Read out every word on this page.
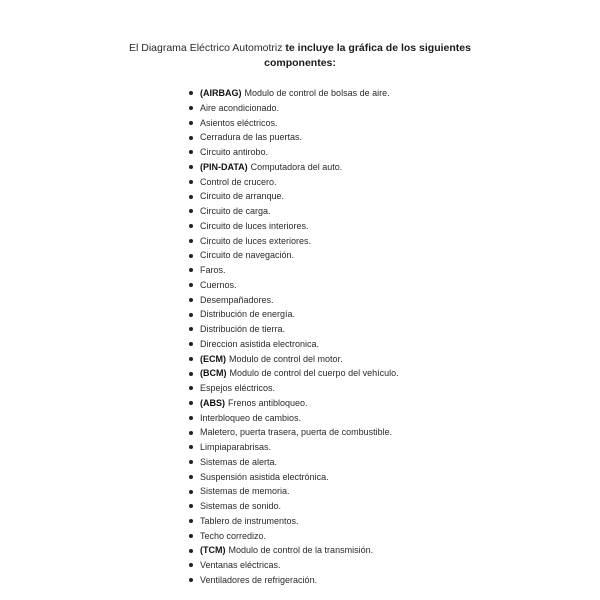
El Diagrama Eléctrico Automotriz te incluye la gráfica de los siguientes componentes:
(AIRBAG) Modulo de control de bolsas de aire.
Aire acondicionado.
Asientos eléctricos.
Cerradura de las puertas.
Circuito antirobo.
(PIN-DATA) Computadora del auto.
Control de crucero.
Circuito de arranque.
Circuito de carga.
Circuito de luces interiores.
Circuito de luces exteriores.
Circuito de navegación.
Faros.
Cuernos.
Desempañadores.
Distribución de energía.
Distribución de tierra.
Direccion asistida electronica.
(ECM) Modulo de control del motor.
(BCM) Modulo de control del cuerpo del vehículo.
Espejos eléctricos.
(ABS) Frenos antibloqueo.
Interbloqueo de cambios.
Maletero, puerta trasera, puerta de combustible.
Limpiaparabrisas.
Sistemas de alerta.
Suspensión asistida electrónica.
Sistemas de memoria.
Sistemas de sonido.
Tablero de instrumentos.
Techo corredizo.
(TCM) Modulo de control de la transmisión.
Ventanas eléctricas.
Ventiladores de refrigeración.
